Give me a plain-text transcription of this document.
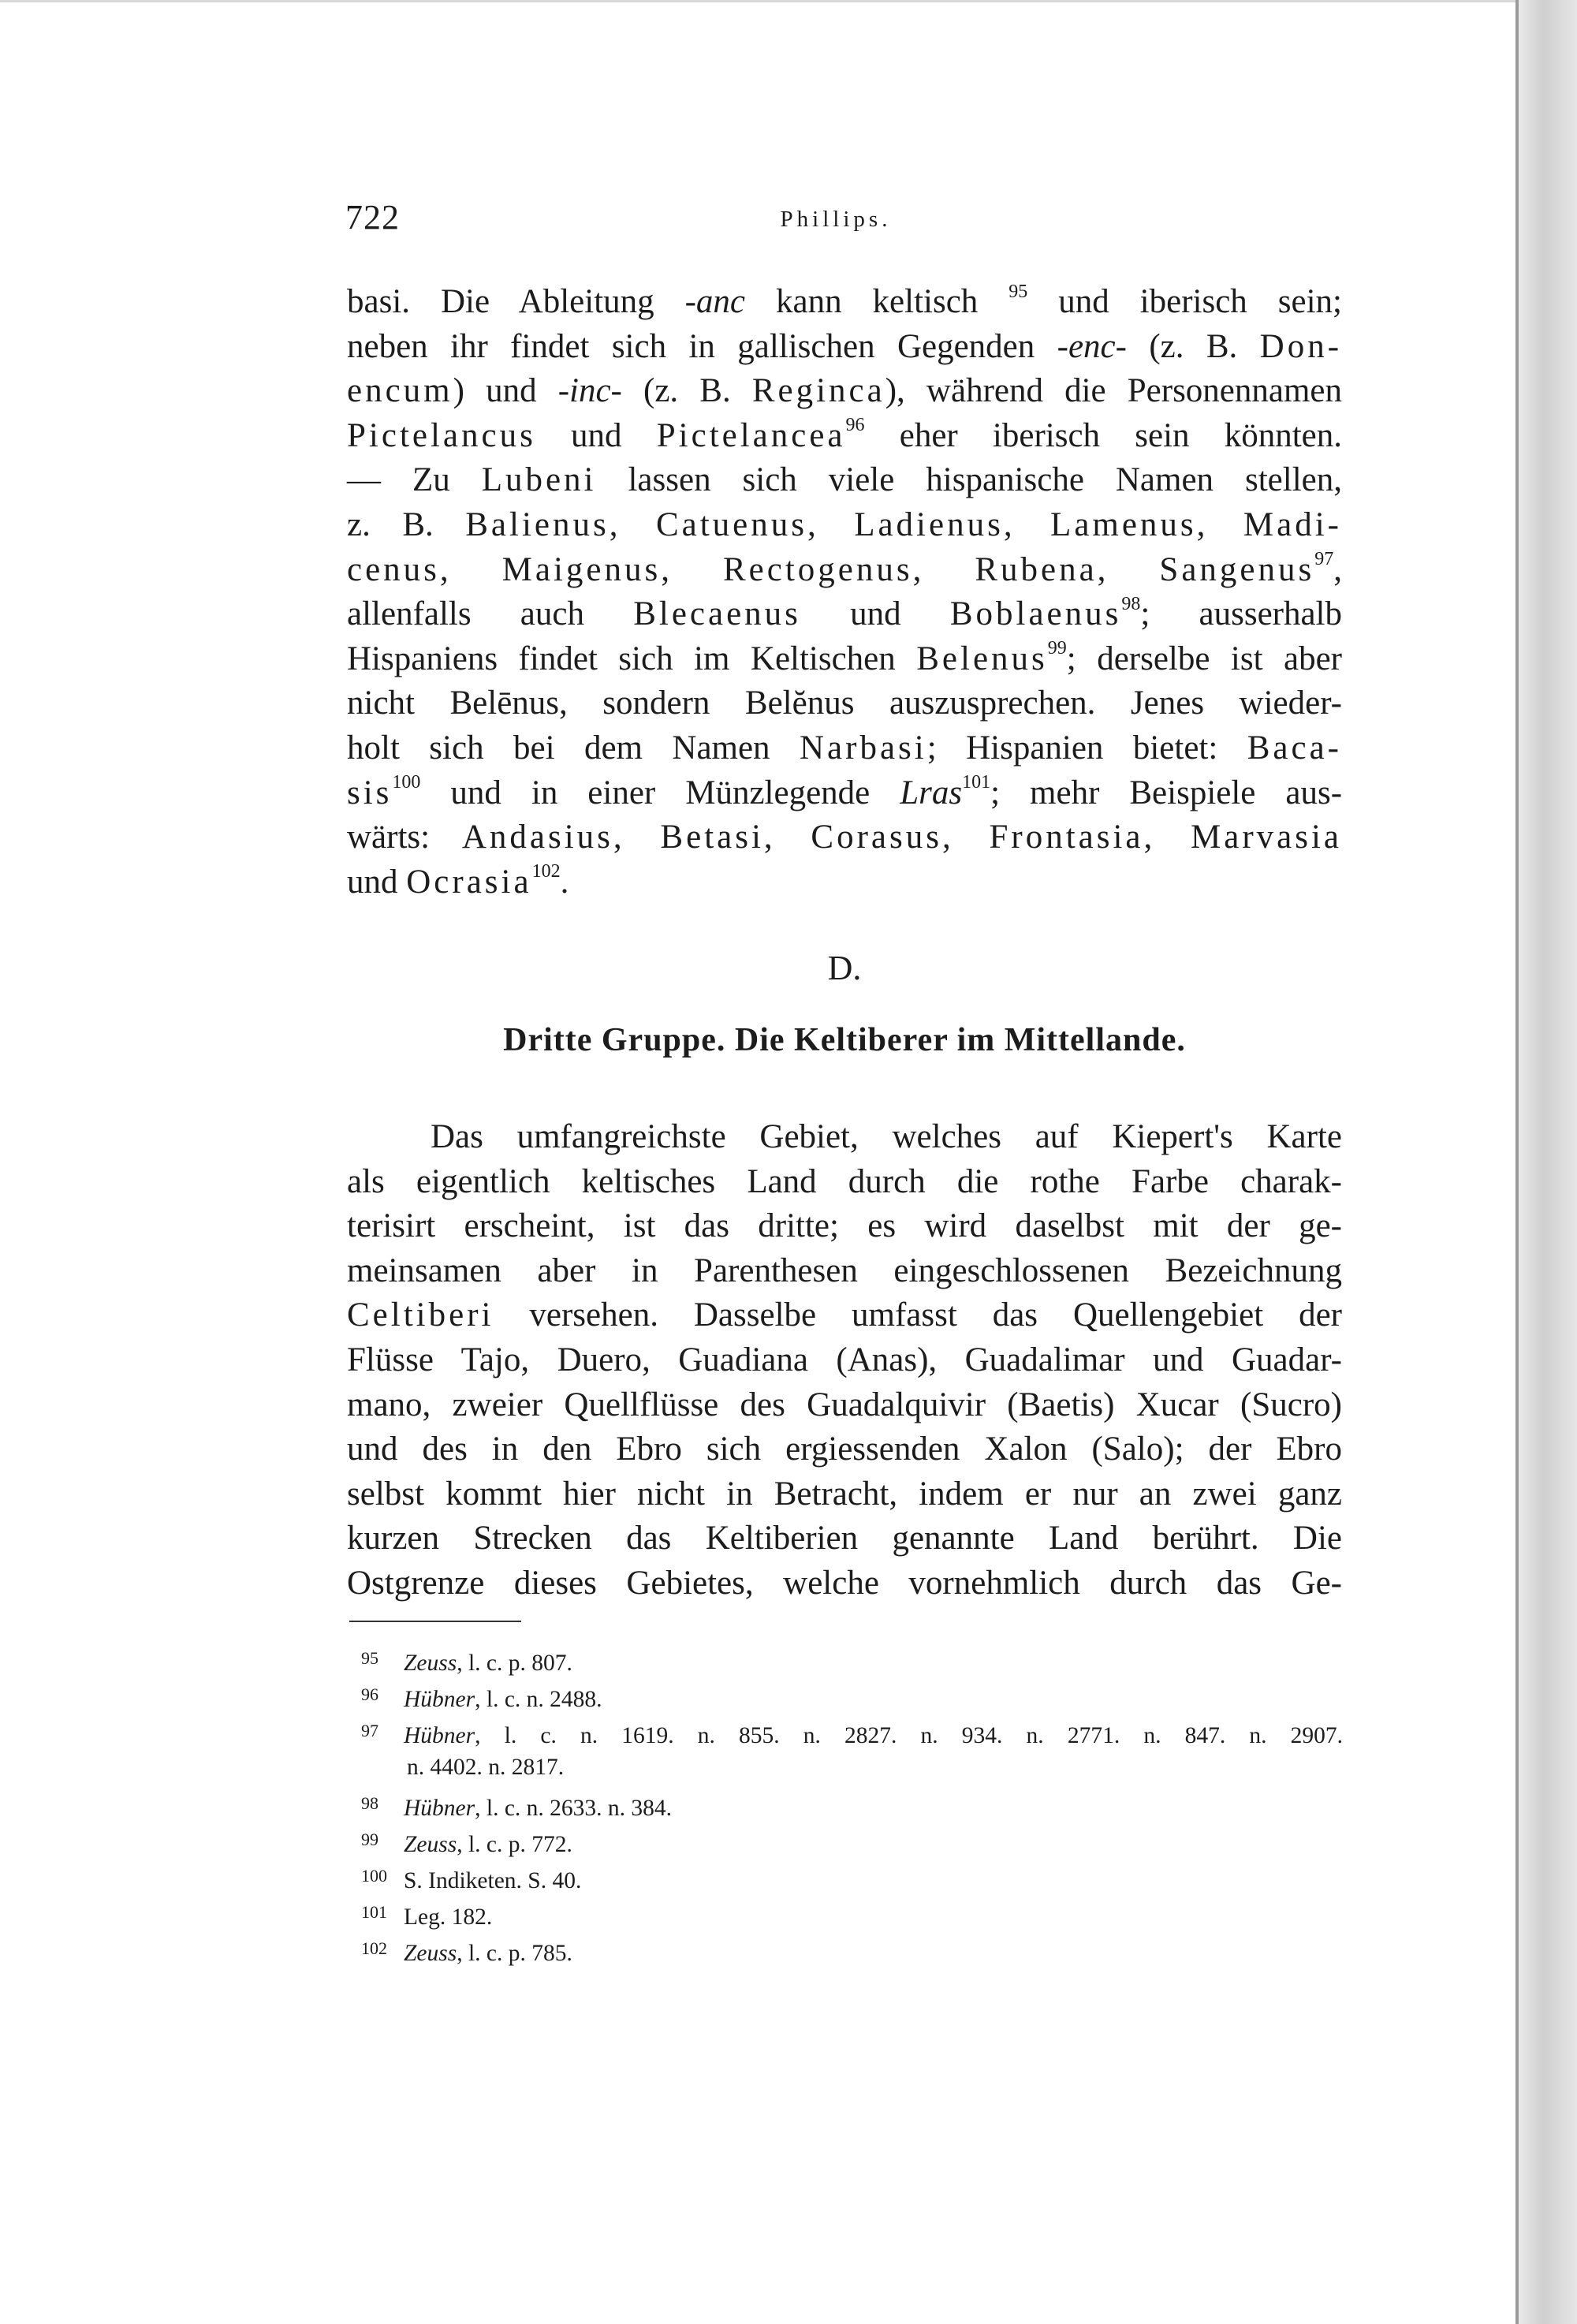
722	Phillips.
basi. Die Ableitung -anc kann keltisch $^{95}$ und iberisch sein;
neben ihr findet sich in gallischen Gegenden -enc- (z. B. Don-
encum) und -inc- (z. B. Reginca), während die Personennamen
Pictelancus und Pictelancea$^{96}$ eher iberisch sein könnten.
— Zu Lubeni lassen sich viele hispanische Namen stellen,
z. B. Balienus, Catuenus, Ladienus, Lamenus, Madi-
cenus, Maigenus, Rectogenus, Rubena, Sangenus$^{97}$,
allenfalls auch Blecaenus und Boblaenus$^{98}$; ausserhalb
Hispaniens findet sich im Keltischen Belenus$^{99}$; derselbe ist aber
nicht Belēnus, sondern Belĕnus auszusprechen. Jenes wieder-
holt sich bei dem Namen Narbasi; Hispanien bietet: Baca-
sis$^{100}$ und in einer Münzlegende Lras$^{101}$; mehr Beispiele aus-
wärts: Andasius, Betasi, Corasus, Frontasia, Marvasia
und Ocrasia$^{102}$.
D.
Dritte Gruppe. Die Keltiberer im Mittellande.
Das umfangreichste Gebiet, welches auf Kiepert's Karte
als eigentlich keltisches Land durch die rothe Farbe charak-
terisirt erscheint, ist das dritte; es wird daselbst mit der ge-
meinsamen aber in Parenthesen eingeschlossenen Bezeichnung
Celtiberi versehen. Dasselbe umfasst das Quellengebiet der
Flüsse Tajo, Duero, Guadiana (Anas), Guadalimar und Guadar-
mano, zweier Quellflüsse des Guadalquivir (Baetis) Xucar (Sucro)
und des in den Ebro sich ergiessenden Xalon (Salo); der Ebro
selbst kommt hier nicht in Betracht, indem er nur an zwei ganz
kurzen Strecken das Keltiberien genannte Land berührt. Die
Ostgrenze dieses Gebietes, welche vornehmlich durch das Ge-
95 Zeuss, l. c. p. 807.
96 Hübner, l. c. n. 2488.
97 Hübner, l. c. n. 1619. n. 855. n. 2827. n. 934. n. 2771. n. 847. n. 2907.
n. 4402. n. 2817.
98 Hübner, l. c. n. 2633. n. 384.
99 Zeuss, l. c. p. 772.
100 S. Indiketen. S. 40.
101 Leg. 182.
102 Zeuss, l. c. p. 785.
